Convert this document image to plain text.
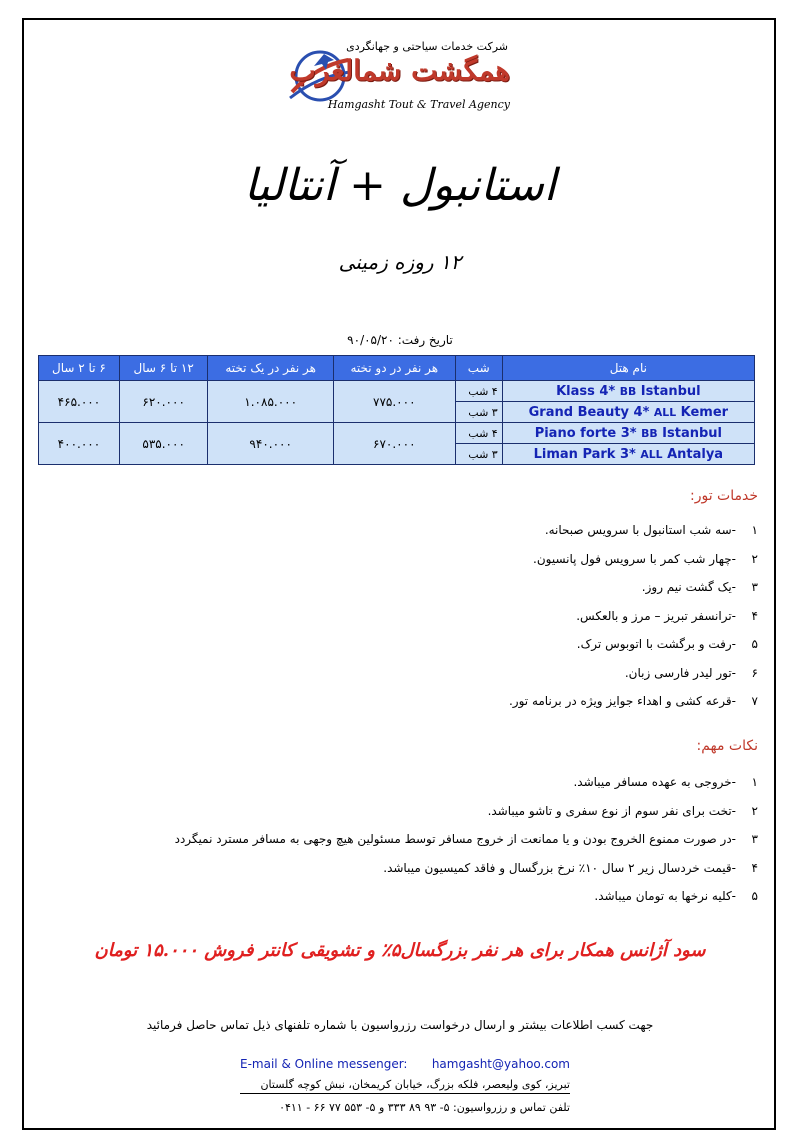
شرکت خدمات سیاحتی و جهانگردی
همگشت شمالغرب
Hamgasht Tout & Travel Agency
استانبول + آنتالیا
۱۲ روزه زمینی
تاریخ رفت: ۹۰/۰۵/۲۰
نام هتل	شب	هر نفر در دو تخته	هر نفر در یک تخته	۱۲ تا ۶ سال	۶ تا ۲ سال
Klass 4* BB Istanbul	۴ شب	۷۷۵.۰۰۰	۱.۰۸۵.۰۰۰	۶۲۰.۰۰۰	۴۶۵.۰۰۰
Grand Beauty 4* ALL Kemer	۳ شب				
Piano forte 3* BB Istanbul	۴ شب	۶۷۰.۰۰۰	۹۴۰.۰۰۰	۵۳۵.۰۰۰	۴۰۰.۰۰۰
Liman Park 3* ALL Antalya	۳ شب				
خدمات تور:
۱-سه شب استانبول با سرویس صبحانه.
۲-چهار شب کمر با سرویس فول پانسیون.
۳-یک گشت نیم روز.
۴-ترانسفر تبریز – مرز و بالعکس.
۵-رفت و برگشت با اتوبوس ترک.
۶-تور لیدر فارسی زبان.
۷-قرعه کشی و اهداء جوایز ویژه در برنامه تور.
نکات مهم:
۱-خروجی به عهده مسافر میباشد.
۲-تخت برای نفر سوم از نوع سفری و تاشو میباشد.
۳-در صورت ممنوع الخروج بودن و یا ممانعت از خروج مسافر توسط مسئولین هیچ وجهی به مسافر مسترد نمیگردد
۴-قیمت خردسال زیر ۲ سال ۱۰٪ نرخ بزرگسال و فاقد کمیسیون میباشد.
۵-کلیه نرخها به تومان میباشد.
سود آژانس همکار برای هر نفر بزرگسال۵٪ و تشویقی کانتر فروش ۱۵.۰۰۰ تومان
جهت کسب اطلاعات بیشتر و ارسال درخواست رزرواسیون با شماره تلفنهای ذیل تماس حاصل فرمائید
E-mail & Online messenger: hamgasht@yahoo.com
تبریز، کوی ولیعصر، فلکه بزرگ، خیابان کریمخان، نبش کوچه گلستان
تلفن تماس و رزرواسیون: ۵- ۹۳ ۸۹ ۳۳۳ و ۵- ۵۵۳ ۷۷ ۶۶ - ۰۴۱۱
